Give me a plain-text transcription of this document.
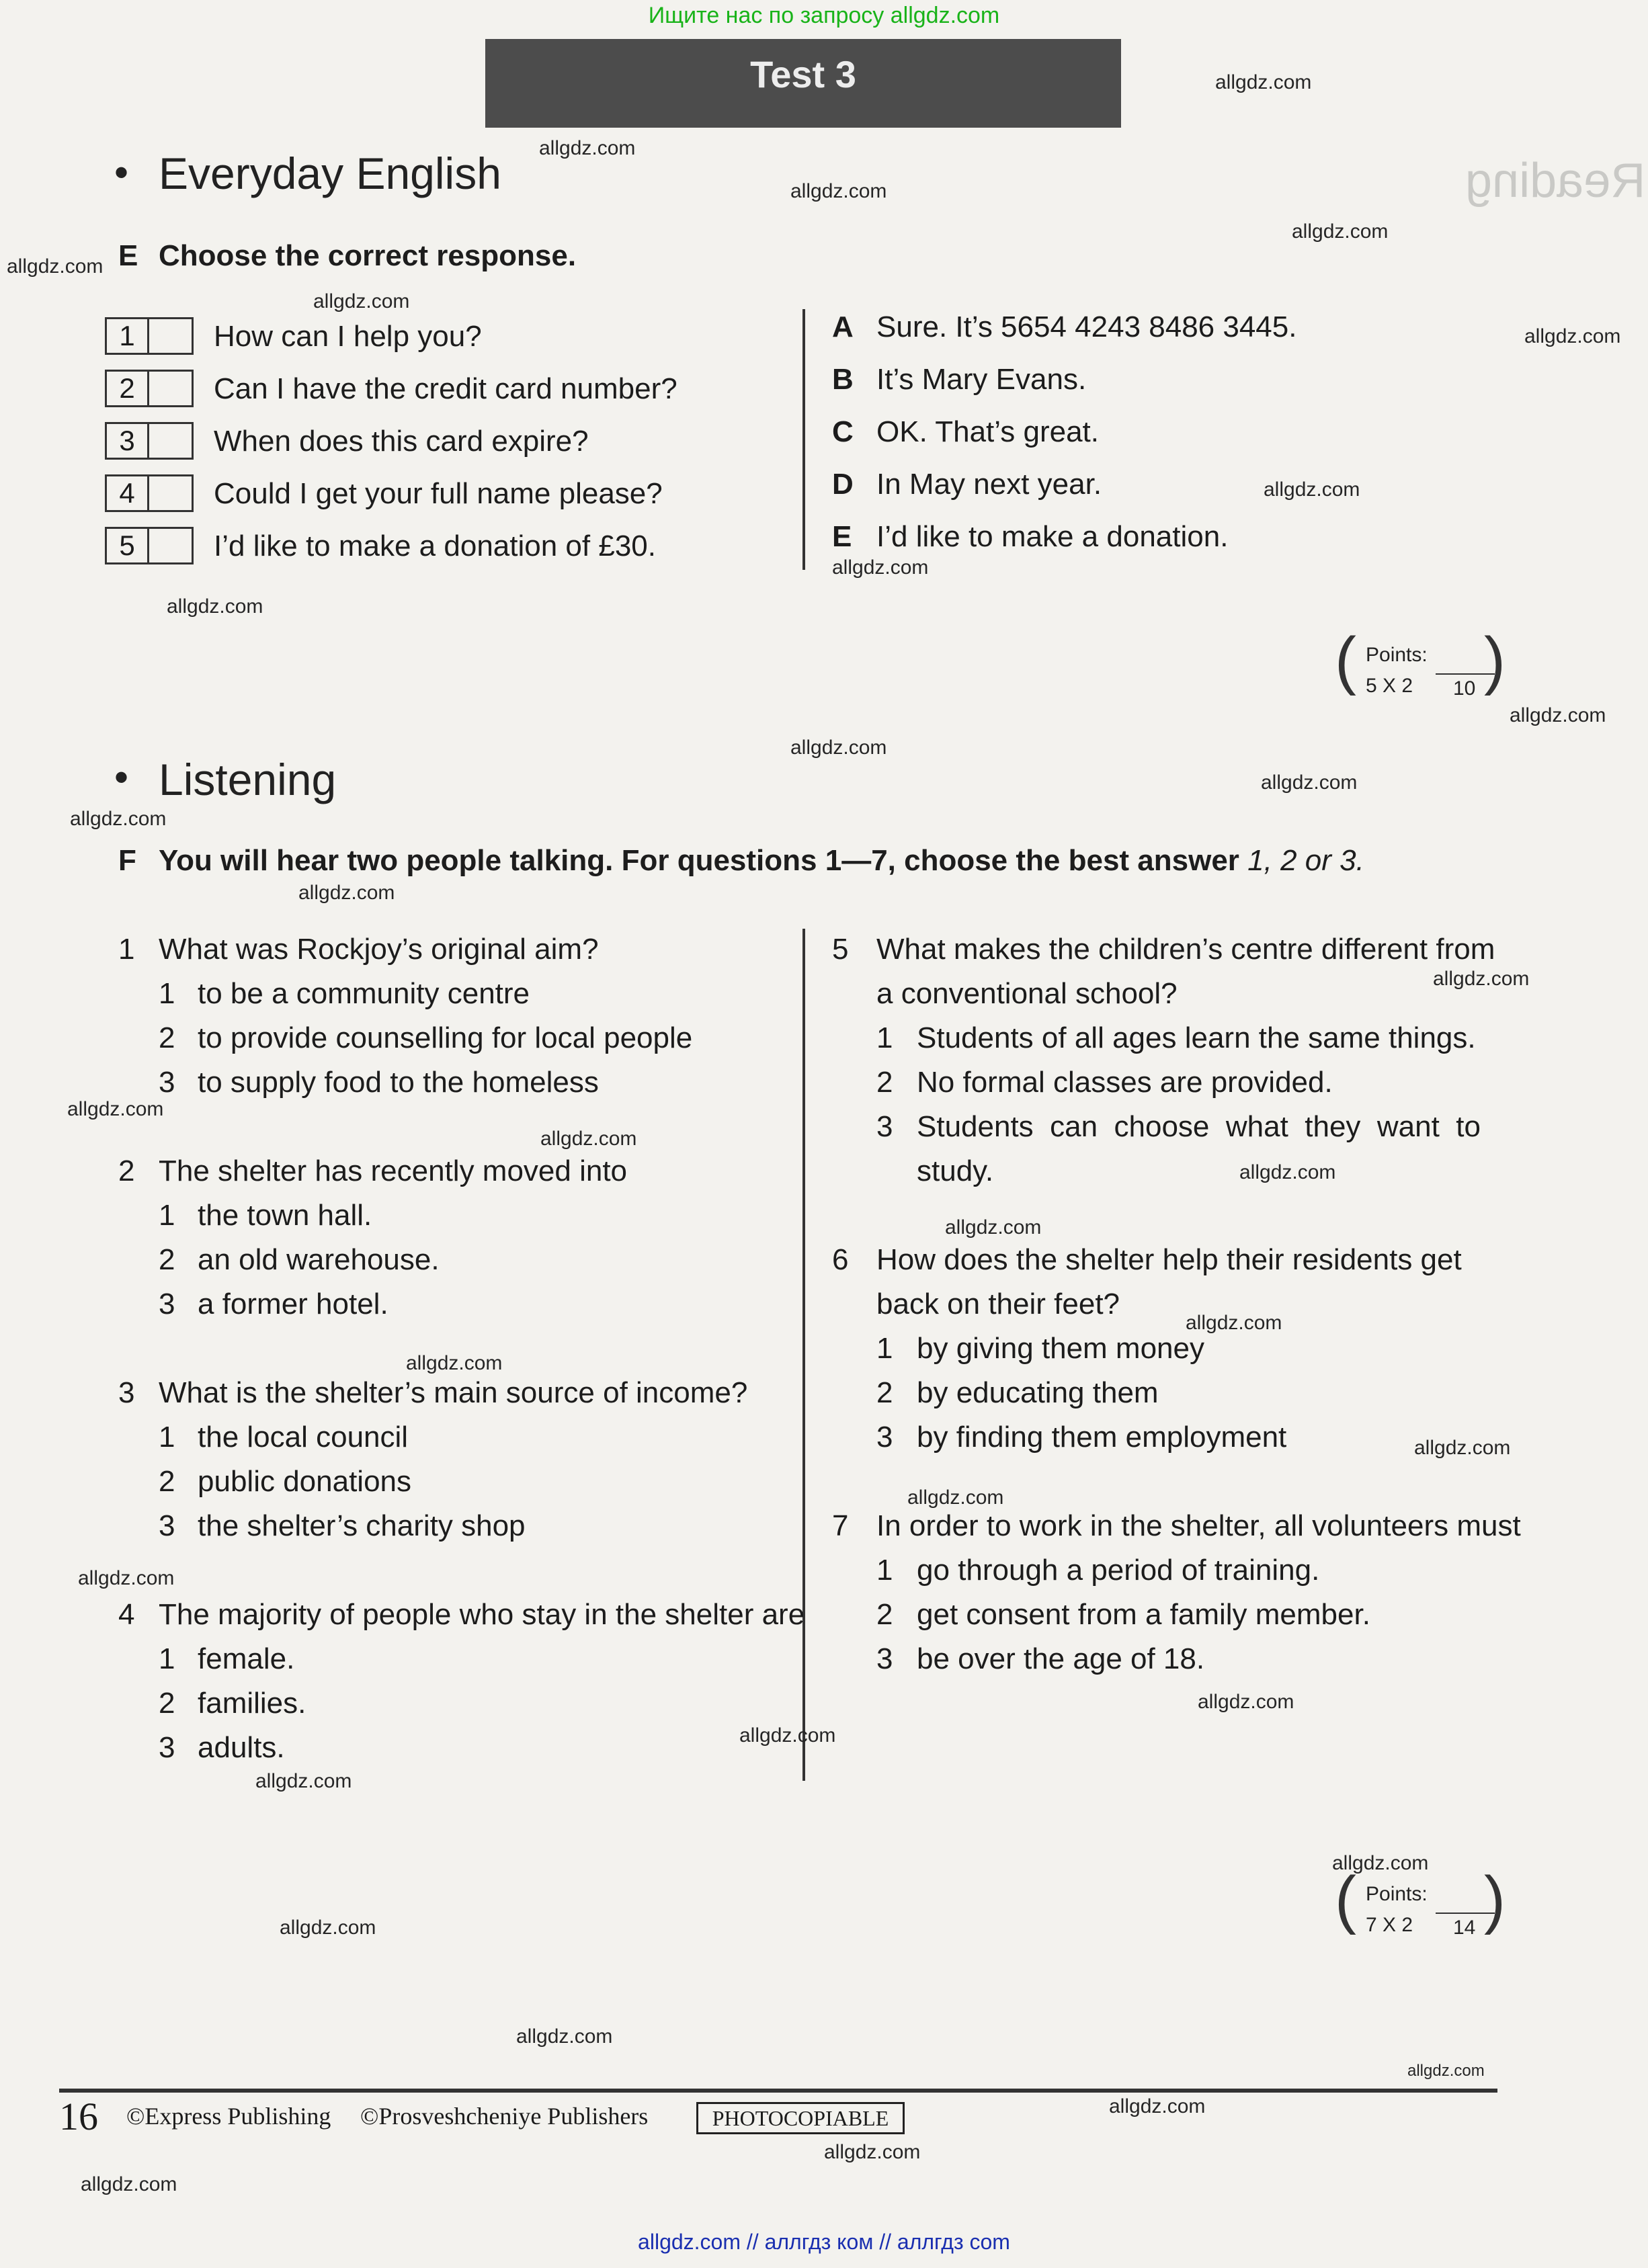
Ищите нас по запросу allgdz.com
allgdz.com // аллгдз ком // аллгдз com
Reading
Test 3
• Everyday English
E Choose the correct response.
1	How can I help you?
2	Can I have the credit card number?
3	When does this card expire?
4	Could I get your full name please?
5	I’d like to make a donation of £30.
A Sure. It’s 5654 4243 8486 3445.
B It’s Mary Evans.
C OK. That’s great.
D In May next year.
E I’d like to make a donation.
( Points:
5 X 2 10 )
• Listening
F You will hear two people talking. For questions 1—7, choose the best answer 1, 2 or 3.
1 What was Rockjoy’s original aim?
1 to be a community centre
2 to provide counselling for local people
3 to supply food to the homeless
2 The shelter has recently moved into
1 the town hall.
2 an old warehouse.
3 a former hotel.
3 What is the shelter’s main source of income?
1 the local council
2 public donations
3 the shelter’s charity shop
4 The majority of people who stay in the shelter are
1 female.
2 families.
3 adults.
5 What makes the children’s centre different from
a conventional school?
1 Students of all ages learn the same things.
2 No formal classes are provided.
3 Students  can  choose  what  they  want  to
study.
6 How does the shelter help their residents get
back on their feet?
1 by giving them money
2 by educating them
3 by finding them employment
7 In order to work in the shelter, all volunteers must
1 go through a period of training.
2 get consent from a family member.
3 be over the age of 18.
( Points:
7 X 2 14 )
16 ©Express Publishing ©Prosveshcheniye Publishers	PHOTOCOPIABLE
allgdz.com
allgdz.com
allgdz.com
allgdz.com
allgdz.com
allgdz.com
allgdz.com
allgdz.com
allgdz.com
allgdz.com
allgdz.com
allgdz.com
allgdz.com
allgdz.com
allgdz.com
allgdz.com
allgdz.com
allgdz.com
allgdz.com
allgdz.com
allgdz.com
allgdz.com
allgdz.com
allgdz.com
allgdz.com
allgdz.com
allgdz.com
allgdz.com
allgdz.com
allgdz.com
allgdz.com
allgdz.com
allgdz.com
allgdz.com
allgdz.com
